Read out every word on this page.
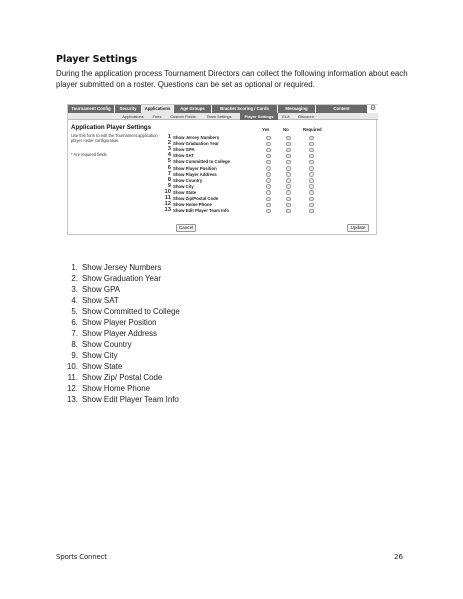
Player Settings
During the application process Tournament Directors can collect the following information about each player submitted on a roster. Questions can be set as optional or required.
Tournament Config	Security	Applications	Age Groups	Bracket Scoring / Cards	Messaging	Content	⚙
Applications	Fees	Custom Fields	Team Settings	Player Settings	ELA	Discount
Application Player Settings
Use this form to edit the Tournament application player roster configuration.
* Are required fields
Yes	No	Required
1 Show Jersey Numbers
2 Show Graduation Year
3 Show GPA
4 Show SAT
5 Show Committed to College
6 Show Player Position
7 Show Player Address
8 Show Country
9 Show City
10 Show State
11 Show Zip/Postal Code
12 Show Home Phone
13 Show Edit Player Team Info
Cancel	Update
1. Show Jersey Numbers
2. Show Graduation Year
3. Show GPA
4. Show SAT
5. Show Committed to College
6. Show Player Position
7. Show Player Address
8. Show Country
9. Show City
10. Show State
11. Show Zip/ Postal Code
12. Show Home Phone
13. Show Edit Player Team Info
Sports Connect	26
